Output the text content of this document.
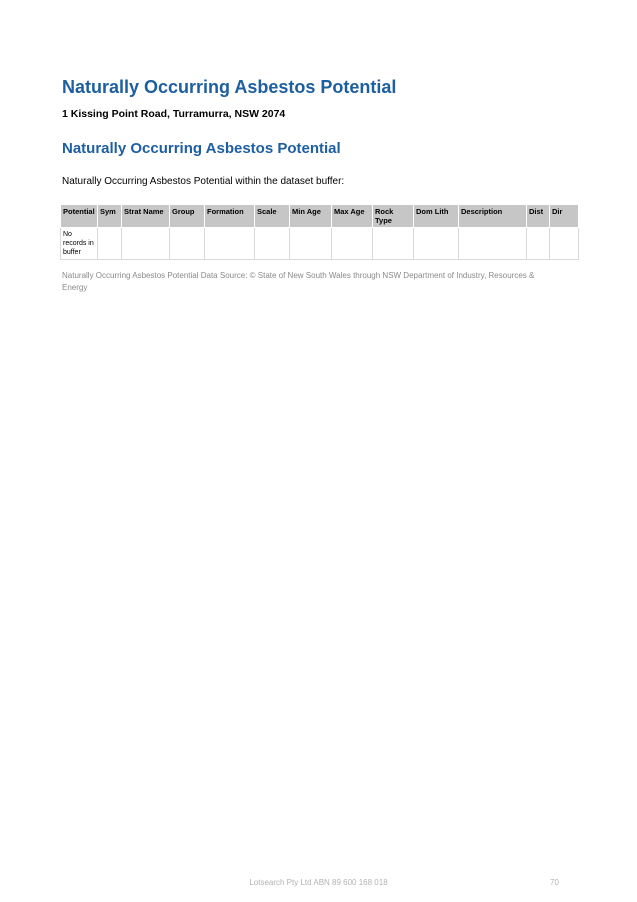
Naturally Occurring Asbestos Potential

1 Kissing Point Road, Turramurra, NSW 2074

Naturally Occurring Asbestos Potential

Naturally Occurring Asbestos Potential within the dataset buffer:

Potential	Sym	Strat Name	Group	Formation	Scale	Min Age	Max Age	Rock Type	Dom Lith	Description	Dist	Dir
No records in buffer												

Naturally Occurring Asbestos Potential Data Source: © State of New South Wales through NSW Department of Industry, Resources & Energy

Lotsearch Pty Ltd ABN 89 600 168 018	70
